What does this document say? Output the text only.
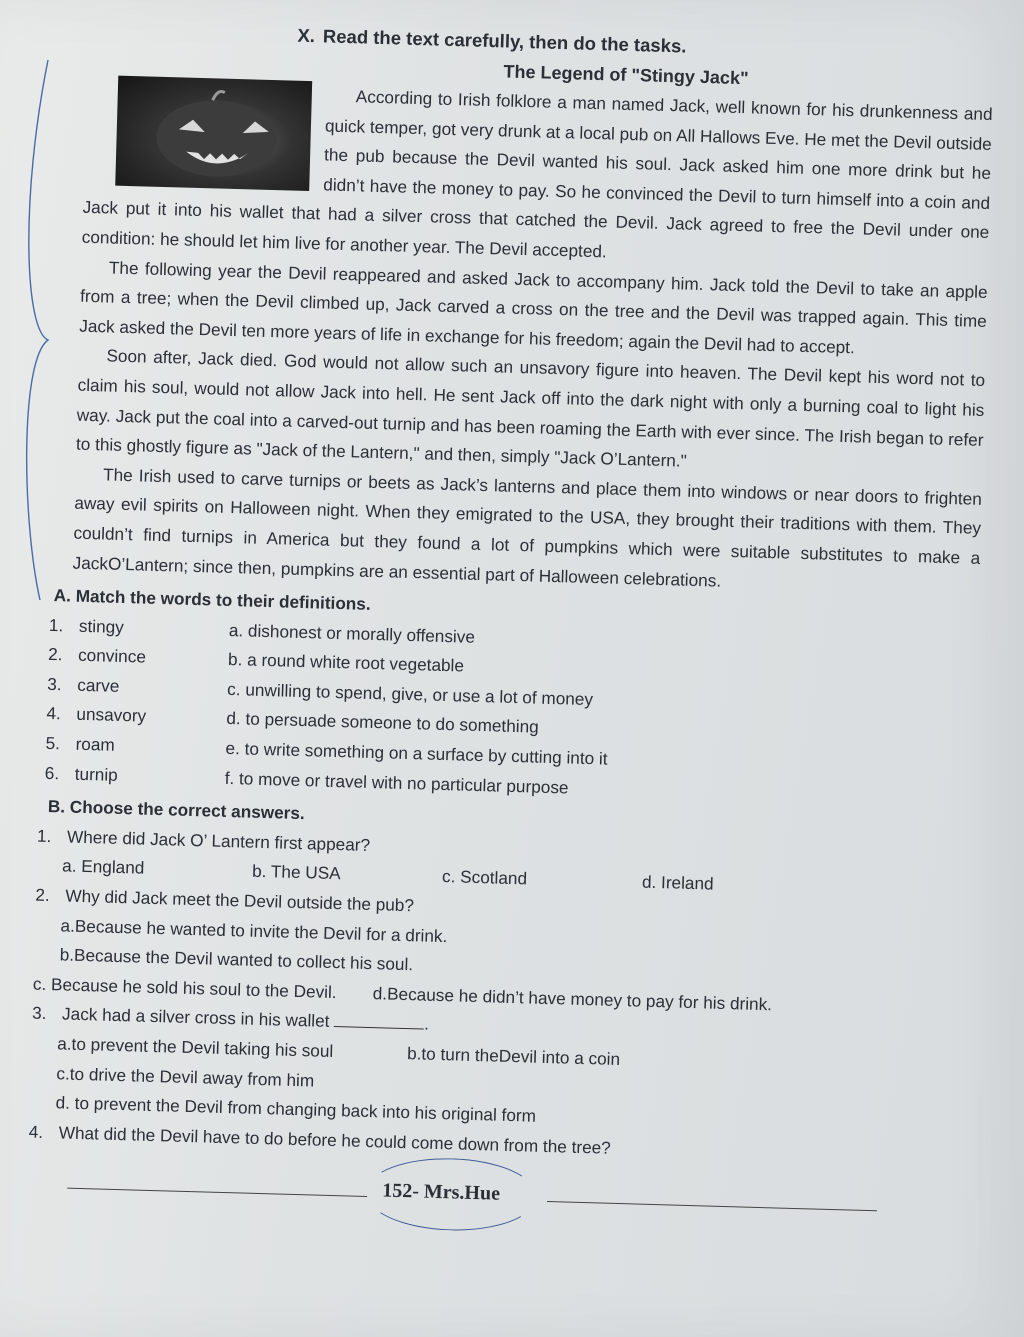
X. Read the text carefully, then do the tasks.
The Legend of "Stingy Jack"

According to Irish folklore a man named Jack, well known for his drunkenness and quick temper, got very drunk at a local pub on All Hallows Eve. He met the Devil outside the pub because the Devil wanted his soul. Jack asked him one more drink but he didn’t have the money to pay. So he convinced the Devil to turn himself into a coin and Jack put it into his wallet that had a silver cross that catched the Devil. Jack agreed to free the Devil under one condition: he should let him live for another year. The Devil accepted.

The following year the Devil reappeared and asked Jack to accompany him. Jack told the Devil to take an apple from a tree; when the Devil climbed up, Jack carved a cross on the tree and the Devil was trapped again. This time Jack asked the Devil ten more years of life in exchange for his freedom; again the Devil had to accept.

Soon after, Jack died. God would not allow such an unsavory figure into heaven. The Devil kept his word not to claim his soul, would not allow Jack into hell. He sent Jack off into the dark night with only a burning coal to light his way. Jack put the coal into a carved-out turnip and has been roaming the Earth with ever since. The Irish began to refer to this ghostly figure as "Jack of the Lantern," and then, simply "Jack O’Lantern."

The Irish used to carve turnips or beets as Jack’s lanterns and place them into windows or near doors to frighten away evil spirits on Halloween night. When they emigrated to the USA, they brought their traditions with them. They couldn’t find turnips in America but they found a lot of pumpkins which were suitable substitutes to make a JackO’Lantern; since then, pumpkins are an essential part of Halloween celebrations.

A. Match the words to their definitions.
1. stingy	a. dishonest or morally offensive
2. convince	b. a round white root vegetable
3. carve	c. unwilling to spend, give, or use a lot of money
4. unsavory	d. to persuade someone to do something
5. roam	e. to write something on a surface by cutting into it
6. turnip	f. to move or travel with no particular purpose
B. Choose the correct answers.
1. Where did Jack O’ Lantern first appear?
a. England	b. The USA	c. Scotland	d. Ireland
2. Why did Jack meet the Devil outside the pub?
a.Because he wanted to invite the Devil for a drink.
b.Because the Devil wanted to collect his soul.
c. Because he sold his soul to the Devil.	d.Because he didn’t have money to pay for his drink.
3. Jack had a silver cross in his wallet	.
a.to prevent the Devil taking his soul	b.to turn theDevil into a coin
c.to drive the Devil away from him
d. to prevent the Devil from changing back into his original form
4. What did the Devil have to do before he could come down from the tree?
152- Mrs.Hue
